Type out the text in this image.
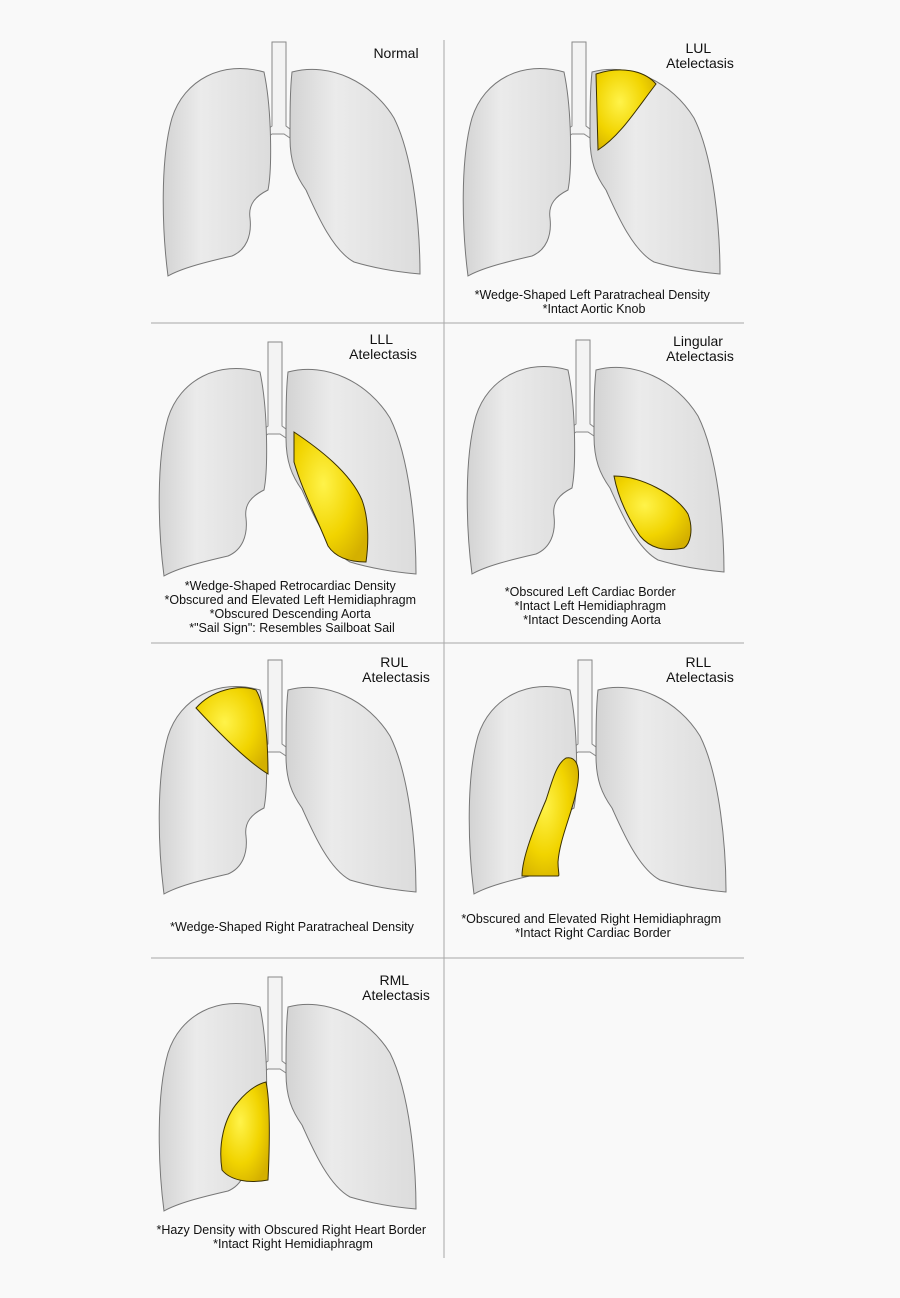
Normal	LUL Atelectasis
*Wedge-Shaped Left Paratracheal Density *Intact Aortic Knob
LLL Atelectasis
*Wedge-Shaped Retrocardiac Density *Obscured and Elevated Left Hemidiaphragm *Obscured Descending Aorta *"Sail Sign": Resembles Sailboat Sail
Lingular Atelectasis
*Obscured Left Cardiac Border *Intact Left Hemidiaphragm *Intact Descending Aorta
RUL Atelectasis
*Wedge-Shaped Right Paratracheal Density
RLL Atelectasis
*Obscured and Elevated Right Hemidiaphragm *Intact Right Cardiac Border
RML Atelectasis
*Hazy Density with Obscured Right Heart Border *Intact Right Hemidiaphragm
